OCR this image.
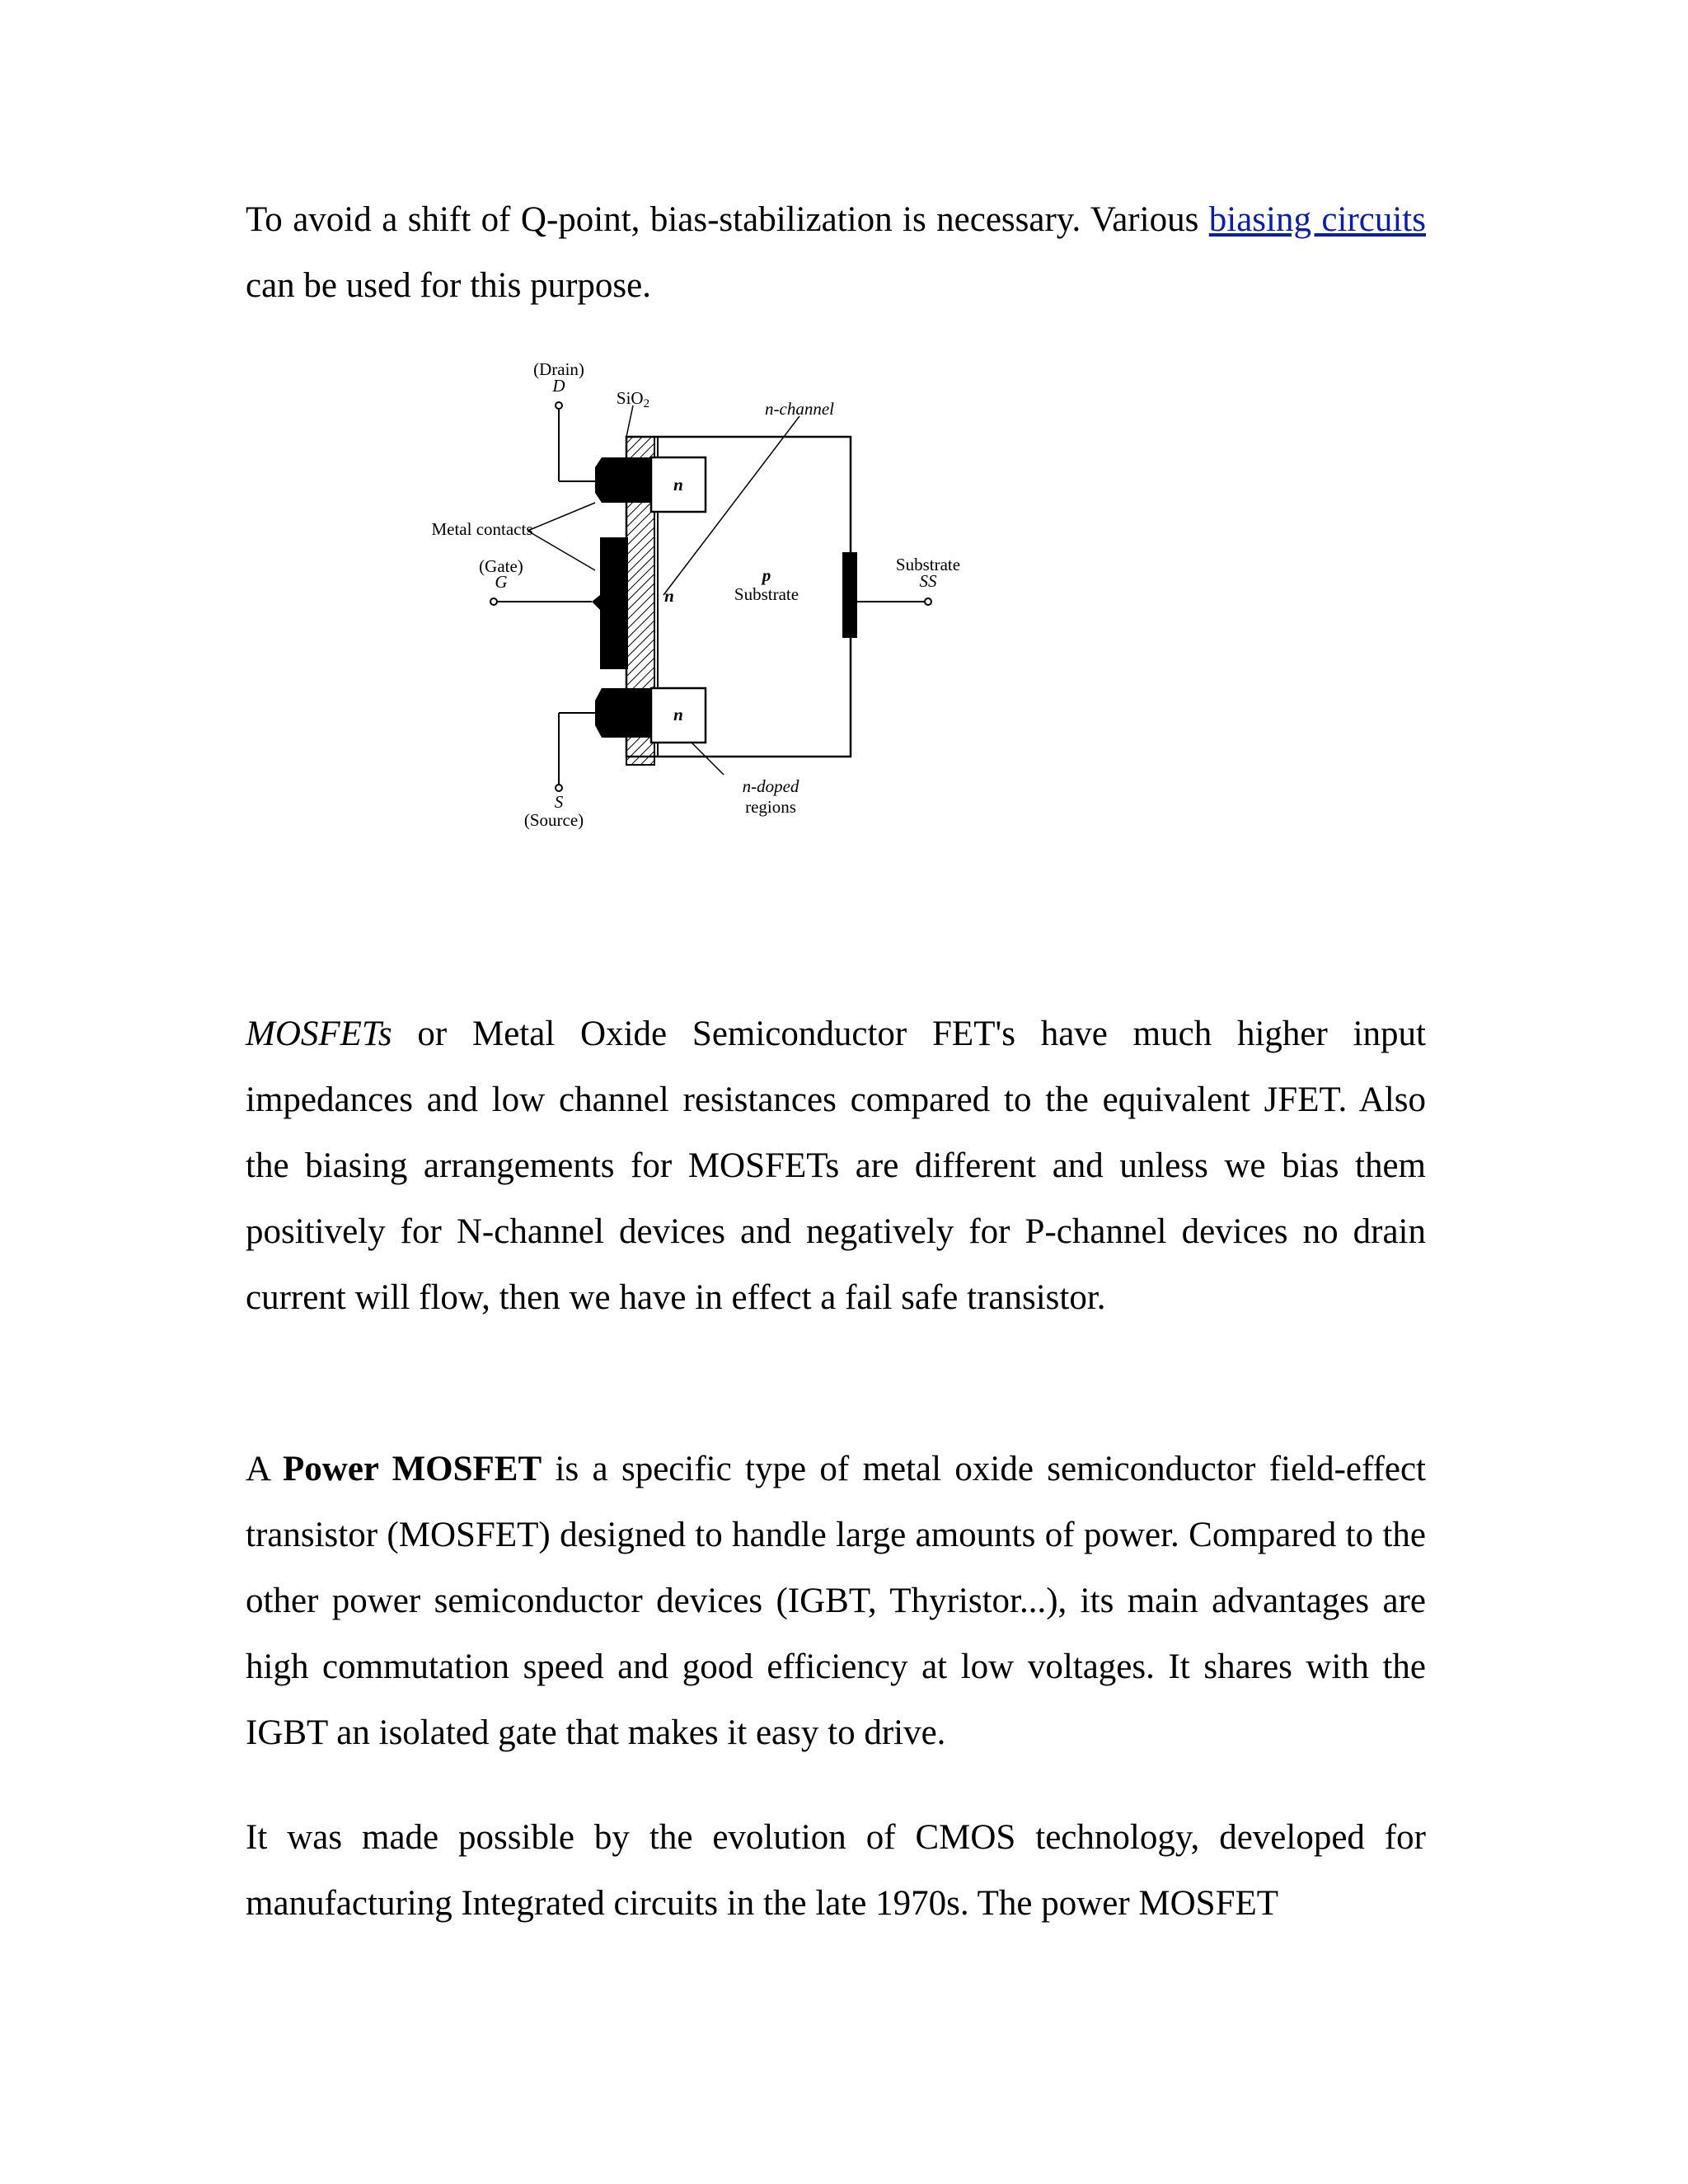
To avoid a shift of Q-point, bias-stabilization is necessary. Various biasing circuits can be used for this purpose.

(Drain)
D
SiO2	n-channel
Metal contacts
(Gate)
G
n
n
n
p
Substrate
Substrate
SS
S
(Source)
n-doped
regions

MOSFETs or Metal Oxide Semiconductor FET's have much higher input impedances and low channel resistances compared to the equivalent JFET. Also the biasing arrangements for MOSFETs are different and unless we bias them positively for N-channel devices and negatively for P-channel devices no drain current will flow, then we have in effect a fail safe transistor.

A Power MOSFET is a specific type of metal oxide semiconductor field-effect transistor (MOSFET) designed to handle large amounts of power. Compared to the other power semiconductor devices (IGBT, Thyristor...), its main advantages are high commutation speed and good efficiency at low voltages. It shares with the IGBT an isolated gate that makes it easy to drive.

It was made possible by the evolution of CMOS technology, developed for manufacturing Integrated circuits in the late 1970s. The power MOSFET
